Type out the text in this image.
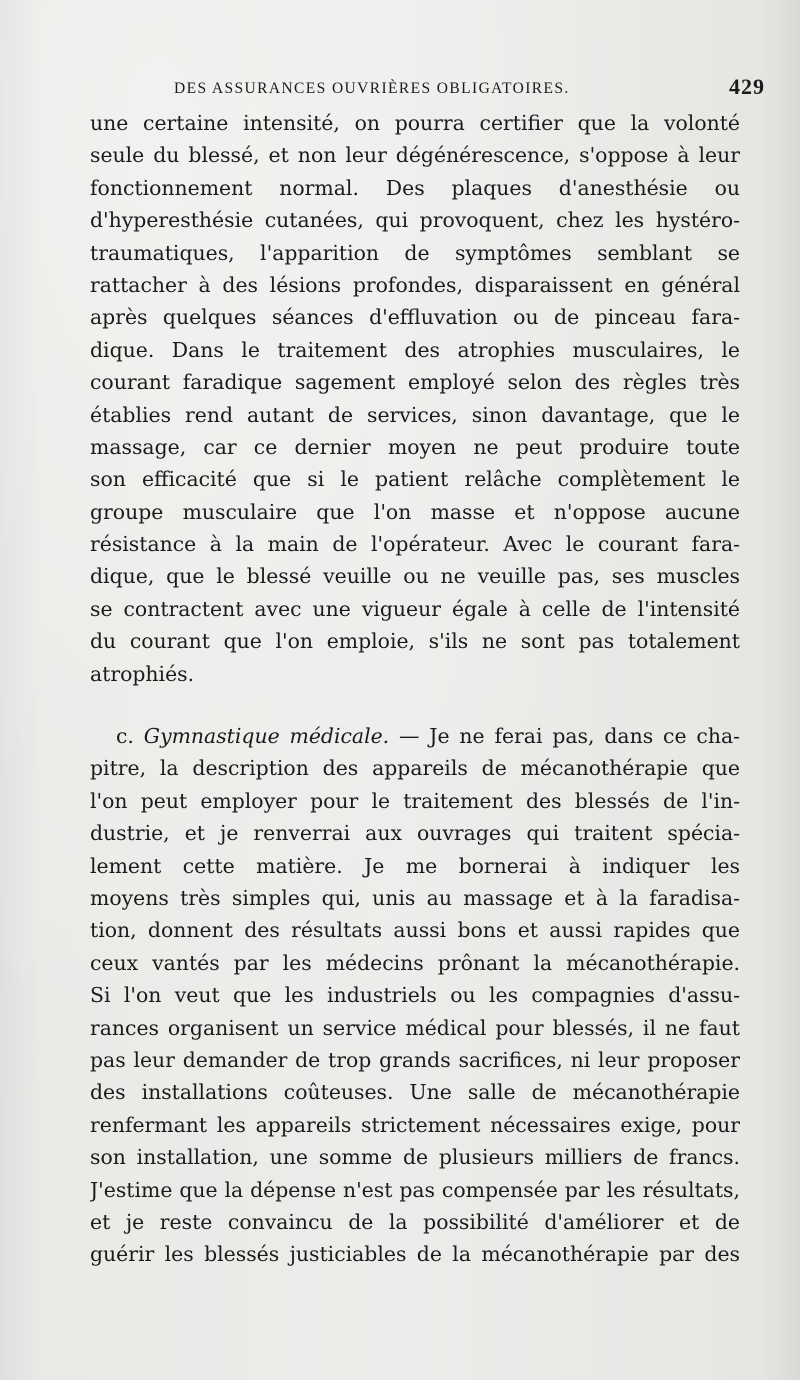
DES ASSURANCES OUVRIÈRES OBLIGATOIRES.	429
une certaine intensité, on pourra certifier que la volonté
seule du blessé, et non leur dégénérescence, s'oppose à leur
fonctionnement normal. Des plaques d'anesthésie ou
d'hyperesthésie cutanées, qui provoquent, chez les hystéro-
traumatiques, l'apparition de symptômes semblant se
rattacher à des lésions profondes, disparaissent en général
après quelques séances d'effluvation ou de pinceau fara-
dique. Dans le traitement des atrophies musculaires, le
courant faradique sagement employé selon des règles très
établies rend autant de services, sinon davantage, que le
massage, car ce dernier moyen ne peut produire toute
son efficacité que si le patient relâche complètement le
groupe musculaire que l'on masse et n'oppose aucune
résistance à la main de l'opérateur. Avec le courant fara-
dique, que le blessé veuille ou ne veuille pas, ses muscles
se contractent avec une vigueur égale à celle de l'intensité
du courant que l'on emploie, s'ils ne sont pas totalement
atrophiés.
c. Gymnastique médicale. — Je ne ferai pas, dans ce cha-
pitre, la description des appareils de mécanothérapie que
l'on peut employer pour le traitement des blessés de l'in-
dustrie, et je renverrai aux ouvrages qui traitent spécia-
lement cette matière. Je me bornerai à indiquer les
moyens très simples qui, unis au massage et à la faradisa-
tion, donnent des résultats aussi bons et aussi rapides que
ceux vantés par les médecins prônant la mécanothérapie.
Si l'on veut que les industriels ou les compagnies d'assu-
rances organisent un service médical pour blessés, il ne faut
pas leur demander de trop grands sacrifices, ni leur proposer
des installations coûteuses. Une salle de mécanothérapie
renfermant les appareils strictement nécessaires exige, pour
son installation, une somme de plusieurs milliers de francs.
J'estime que la dépense n'est pas compensée par les résultats,
et je reste convaincu de la possibilité d'améliorer et de
guérir les blessés justiciables de la mécanothérapie par des
